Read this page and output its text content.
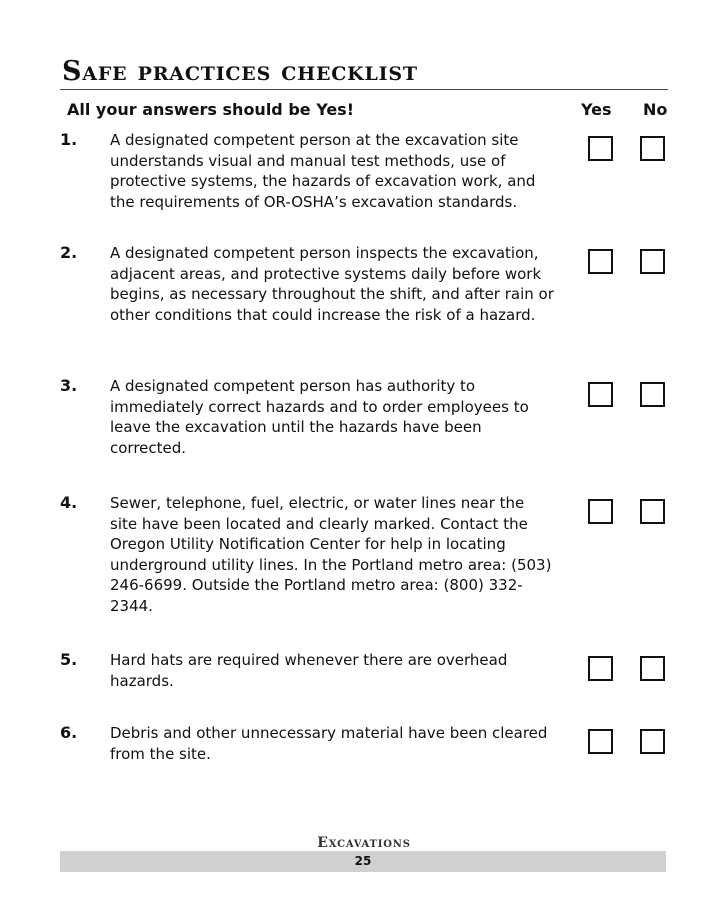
Safe practices checklist
All your answers should be Yes!	Yes No
1. A designated competent person at the excavation site understands visual and manual test methods, use of protective systems, the hazards of excavation work, and the requirements of OR-OSHA’s excavation standards.
2. A designated competent person inspects the excavation, adjacent areas, and protective systems daily before work begins, as necessary throughout the shift, and after rain or other conditions that could increase the risk of a hazard.
3. A designated competent person has authority to immediately correct hazards and to order employees to leave the excavation until the hazards have been corrected.
4. Sewer, telephone, fuel, electric, or water lines near the site have been located and clearly marked. Contact the Oregon Utility Notification Center for help in locating underground utility lines. In the Portland metro area: (503) 246-6699. Outside the Portland metro area: (800) 332-2344.
5. Hard hats are required whenever there are overhead hazards.
6. Debris and other unnecessary material have been cleared from the site.
Excavations
25
